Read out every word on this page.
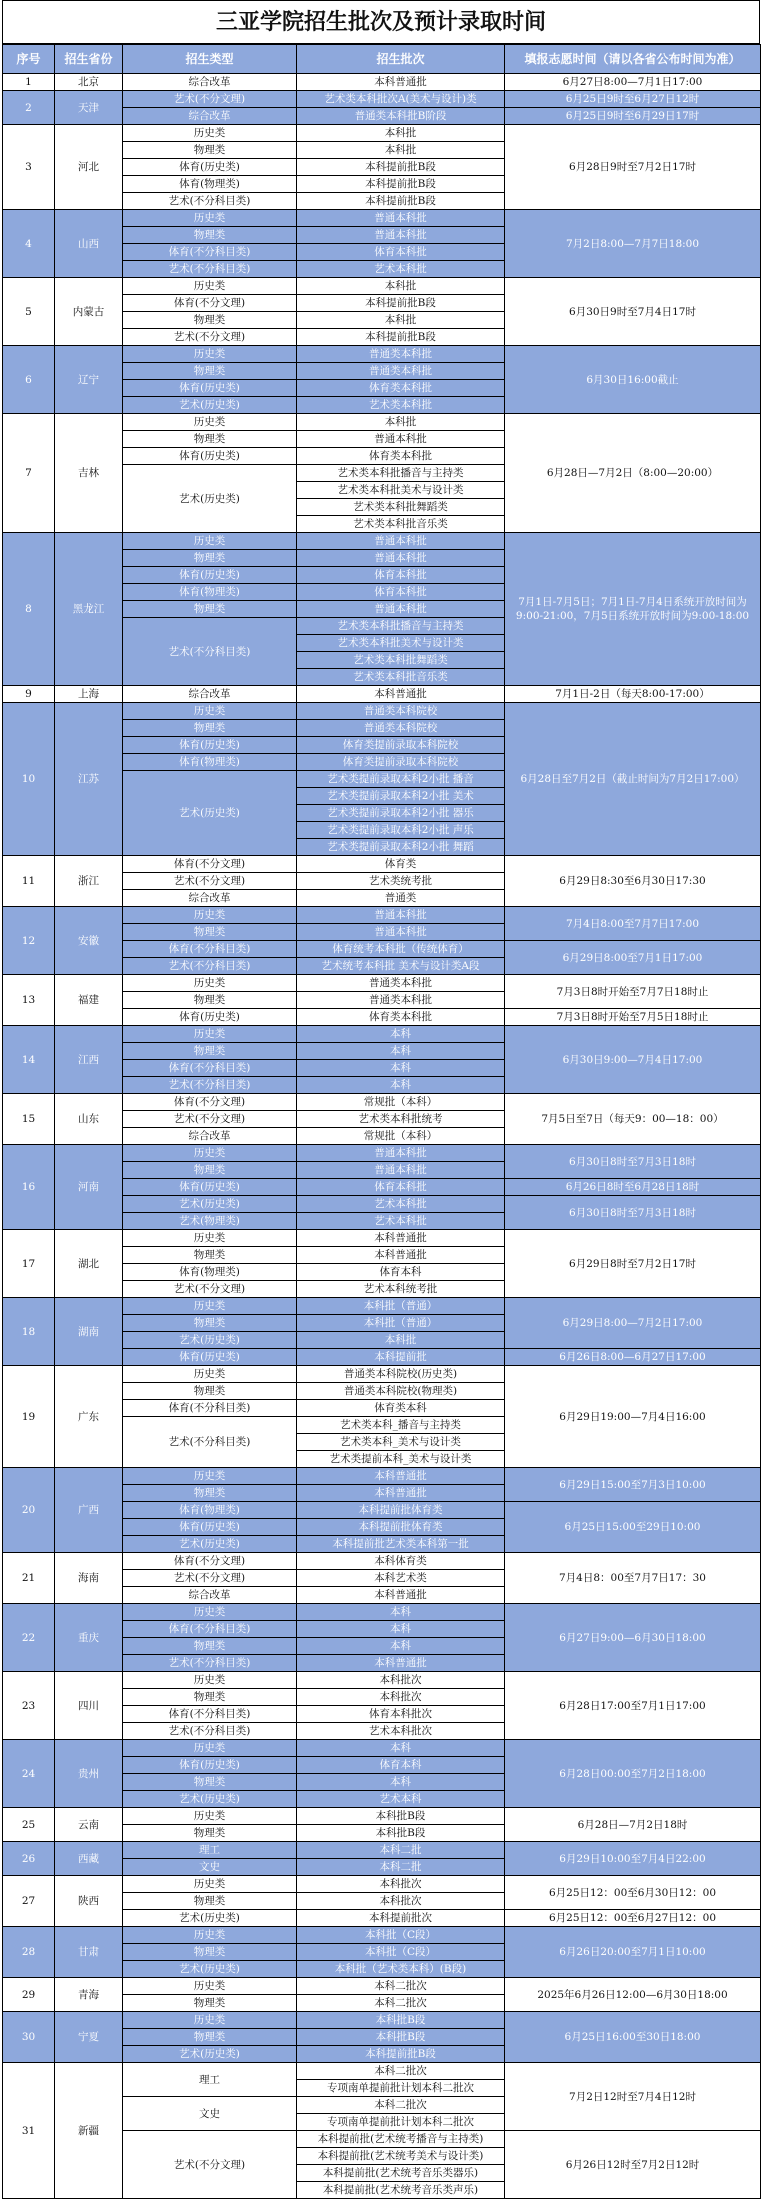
三亚学院招生批次及预计录取时间
序号	招生省份	招生类型	招生批次	填报志愿时间（请以各省公布时间为准）
1	北京	综合改革	本科普通批	6月27日8:00—7月1日17:00
2	天津	艺术(不分文理)	艺术类本科批次A(美术与设计)类	6月25日9时至6月27日12时
		综合改革	普通类本科批B阶段	6月25日9时至6月29日17时
3	河北	历史类	本科批	6月28日9时至7月2日17时
		物理类	本科批	
		体育(历史类)	本科提前批B段	
		体育(物理类)	本科提前批B段	
		艺术(不分科目类)	本科提前批B段	
4	山西	历史类	普通本科批	7月2日8:00—7月7日18:00
		物理类	普通本科批	
		体育(不分科目类)	体育本科批	
		艺术(不分科目类)	艺术本科批	
5	内蒙古	历史类	本科批	6月30日9时至7月4日17时
		体育(不分文理)	本科提前批B段	
		物理类	本科批	
		艺术(不分文理)	本科提前批B段	
6	辽宁	历史类	普通类本科批	6月30日16:00截止
		物理类	普通类本科批	
		体育(历史类)	体育类本科批	
		艺术(历史类)	艺术类本科批	
7	吉林	历史类	本科批	6月28日—7月2日（8:00—20:00）
		物理类	普通本科批	
		体育(历史类)	体育类本科批	
		艺术(历史类)	艺术类本科批播音与主持类	
			艺术类本科批美术与设计类	
			艺术类本科批舞蹈类	
			艺术类本科批音乐类	
8	黑龙江	历史类	普通本科批	7月1日-7月5日；7月1日-7月4日系统开放时间为9:00-21:00，7月5日系统开放时间为9:00-18:00
		物理类	普通本科批	
		体育(历史类)	体育本科批	
		体育(物理类)	体育本科批	
		物理类	普通本科批	
		艺术(不分科目类)	艺术类本科批播音与主持类	
			艺术类本科批美术与设计类	
			艺术类本科批舞蹈类	
			艺术类本科批音乐类	
9	上海	综合改革	本科普通批	7月1日-2日（每天8:00-17:00）
10	江苏	历史类	普通类本科院校	6月28日至7月2日（截止时间为7月2日17:00）
		物理类	普通类本科院校	
		体育(历史类)	体育类提前录取本科院校	
		体育(物理类)	体育类提前录取本科院校	
		艺术(历史类)	艺术类提前录取本科2小批 播音	
			艺术类提前录取本科2小批 美术	
			艺术类提前录取本科2小批 器乐	
			艺术类提前录取本科2小批 声乐	
			艺术类提前录取本科2小批 舞蹈	
11	浙江	体育(不分文理)	体育类	6月29日8:30至6月30日17:30
		艺术(不分文理)	艺术类统考批	
		综合改革	普通类	
12	安徽	历史类	普通本科批	7月4日8:00至7月7日17:00
		物理类	普通本科批	
		体育(不分科目类)	体育统考本科批（传统体育）	6月29日8:00至7月1日17:00
		艺术(不分科目类)	艺术统考本科批 美术与设计类A段	
13	福建	历史类	普通类本科批	7月3日8时开始至7月7日18时止
		物理类	普通类本科批	
		体育(历史类)	体育类本科批	7月3日8时开始至7月5日18时止
14	江西	历史类	本科	6月30日9:00—7月4日17:00
		物理类	本科	
		体育(不分科目类)	本科	
		艺术(不分科目类)	本科	
15	山东	体育(不分文理)	常规批（本科）	7月5日至7日（每天9：00—18：00）
		艺术(不分文理)	艺术类本科批统考	
		综合改革	常规批（本科）	
16	河南	历史类	普通本科批	6月30日8时至7月3日18时
		物理类	普通本科批	
		体育(历史类)	体育本科批	6月26日8时至6月28日18时
		艺术(历史类)	艺术本科批	6月30日8时至7月3日18时
		艺术(物理类)	艺术本科批	
17	湖北	历史类	本科普通批	6月29日8时至7月2日17时
		物理类	本科普通批	
		体育(物理类)	体育本科	
		艺术(不分文理)	艺术本科统考批	
18	湖南	历史类	本科批（普通）	6月29日8:00—7月2日17:00
		物理类	本科批（普通）	
		艺术(历史类)	本科批	
		体育(历史类)	本科提前批	6月26日8:00—6月27日17:00
19	广东	历史类	普通类本科院校(历史类)	6月29日19:00—7月4日16:00
		物理类	普通类本科院校(物理类)	
		体育(不分科目类)	体育类本科	
		艺术(不分科目类)	艺术类本科_播音与主持类	
			艺术类本科_美术与设计类	
			艺术类提前本科_美术与设计类	
20	广西	历史类	本科普通批	6月29日15:00至7月3日10:00
		物理类	本科普通批	
		体育(物理类)	本科提前批体育类	6月25日15:00至29日10:00
		体育(历史类)	本科提前批体育类	
		艺术(历史类)	本科提前批艺术类本科第一批	
21	海南	体育(不分文理)	本科体育类	7月4日8：00至7月7日17：30
		艺术(不分文理)	本科艺术类	
		综合改革	本科普通批	
22	重庆	历史类	本科	6月27日9:00—6月30日18:00
		体育(不分科目类)	本科	
		物理类	本科	
		艺术(不分科目类)	本科普通批	
23	四川	历史类	本科批次	6月28日17:00至7月1日17:00
		物理类	本科批次	
		体育(不分科目类)	体育本科批次	
		艺术(不分科目类)	艺术本科批次	
24	贵州	历史类	本科	6月28日00:00至7月2日18:00
		体育(历史类)	体育本科	
		物理类	本科	
		艺术(历史类)	艺术本科	
25	云南	历史类	本科批B段	6月28日—7月2日18时
		物理类	本科批B段	
26	西藏	理工	本科二批	6月29日10:00至7月4日22:00
		文史	本科二批	
27	陕西	历史类	本科批次	6月25日12：00至6月30日12：00
		物理类	本科批次	
		艺术(历史类)	本科提前批次	6月25日12：00至6月27日12：00
28	甘肃	历史类	本科批（C段）	6月26日20:00至7月1日10:00
		物理类	本科批（C段）	
		艺术(历史类)	本科批（艺术类本科）(B段)	
29	青海	历史类	本科二批次	2025年6月26日12:00—6月30日18:00
		物理类	本科二批次	
30	宁夏	历史类	本科批B段	6月25日16:00至30日18:00
		物理类	本科批B段	
		艺术(历史类)	本科提前批B段	
31	新疆	理工	本科二批次	7月2日12时至7月4日12时
			专项南单提前批计划本科二批次	
		文史	本科二批次	
			专项南单提前批计划本科二批次	
		艺术(不分文理)	本科提前批(艺术统考播音与主持类)	6月26日12时至7月2日12时
			本科提前批(艺术统考美术与设计类)	
			本科提前批(艺术统考音乐类器乐)	
			本科提前批(艺术统考音乐类声乐)	
